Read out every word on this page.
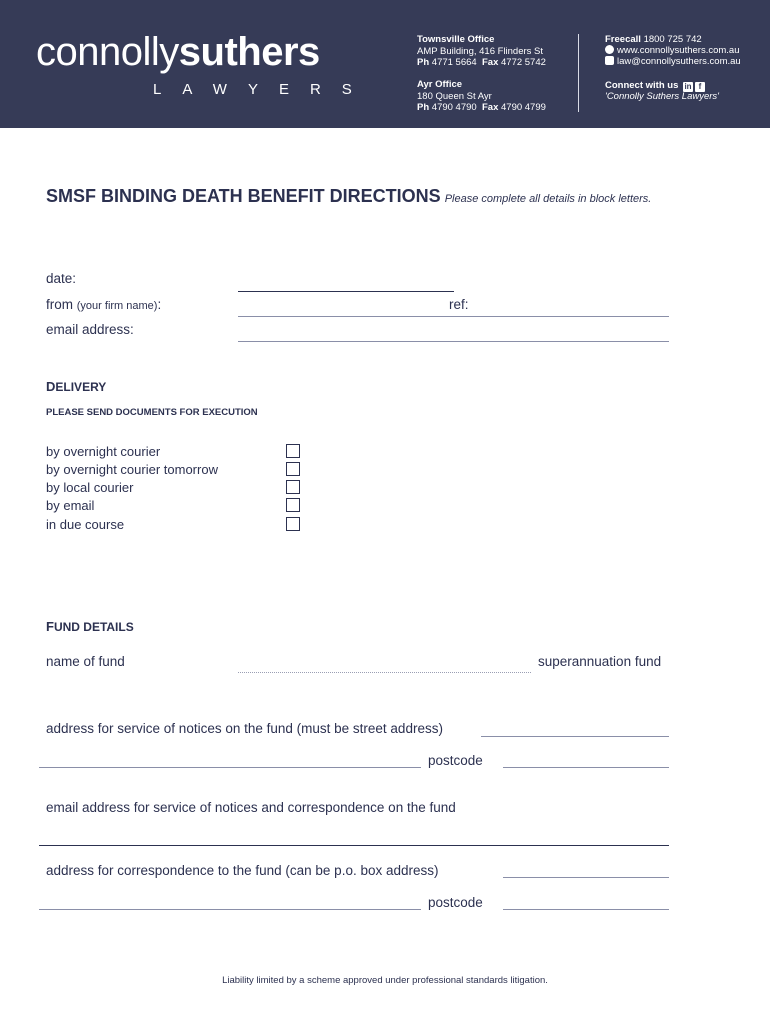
connollysuthers
LAWYERS
Townsville Office
AMP Building, 416 Flinders St
Ph 4771 5664 Fax 4772 5742
Ayr Office
180 Queen St Ayr
Ph 4790 4790 Fax 4790 4799
Freecall 1800 725 742
www.connollysuthers.com.au
law@connollysuthers.com.au
Connect with us in f
'Connolly Suthers Lawyers'
SMSF BINDING DEATH BENEFIT DIRECTIONS Please complete all details in block letters.
date:
from (your firm name):	ref:
email address:
DELIVERY
PLEASE SEND DOCUMENTS FOR EXECUTION
by overnight courier
by overnight courier tomorrow
by local courier
by email
in due course
FUND DETAILS
name of fund	superannuation fund
address for service of notices on the fund (must be street address)
postcode
email address for service of notices and correspondence on the fund
address for correspondence to the fund (can be p.o. box address)
postcode
Liability limited by a scheme approved under professional standards litigation.
